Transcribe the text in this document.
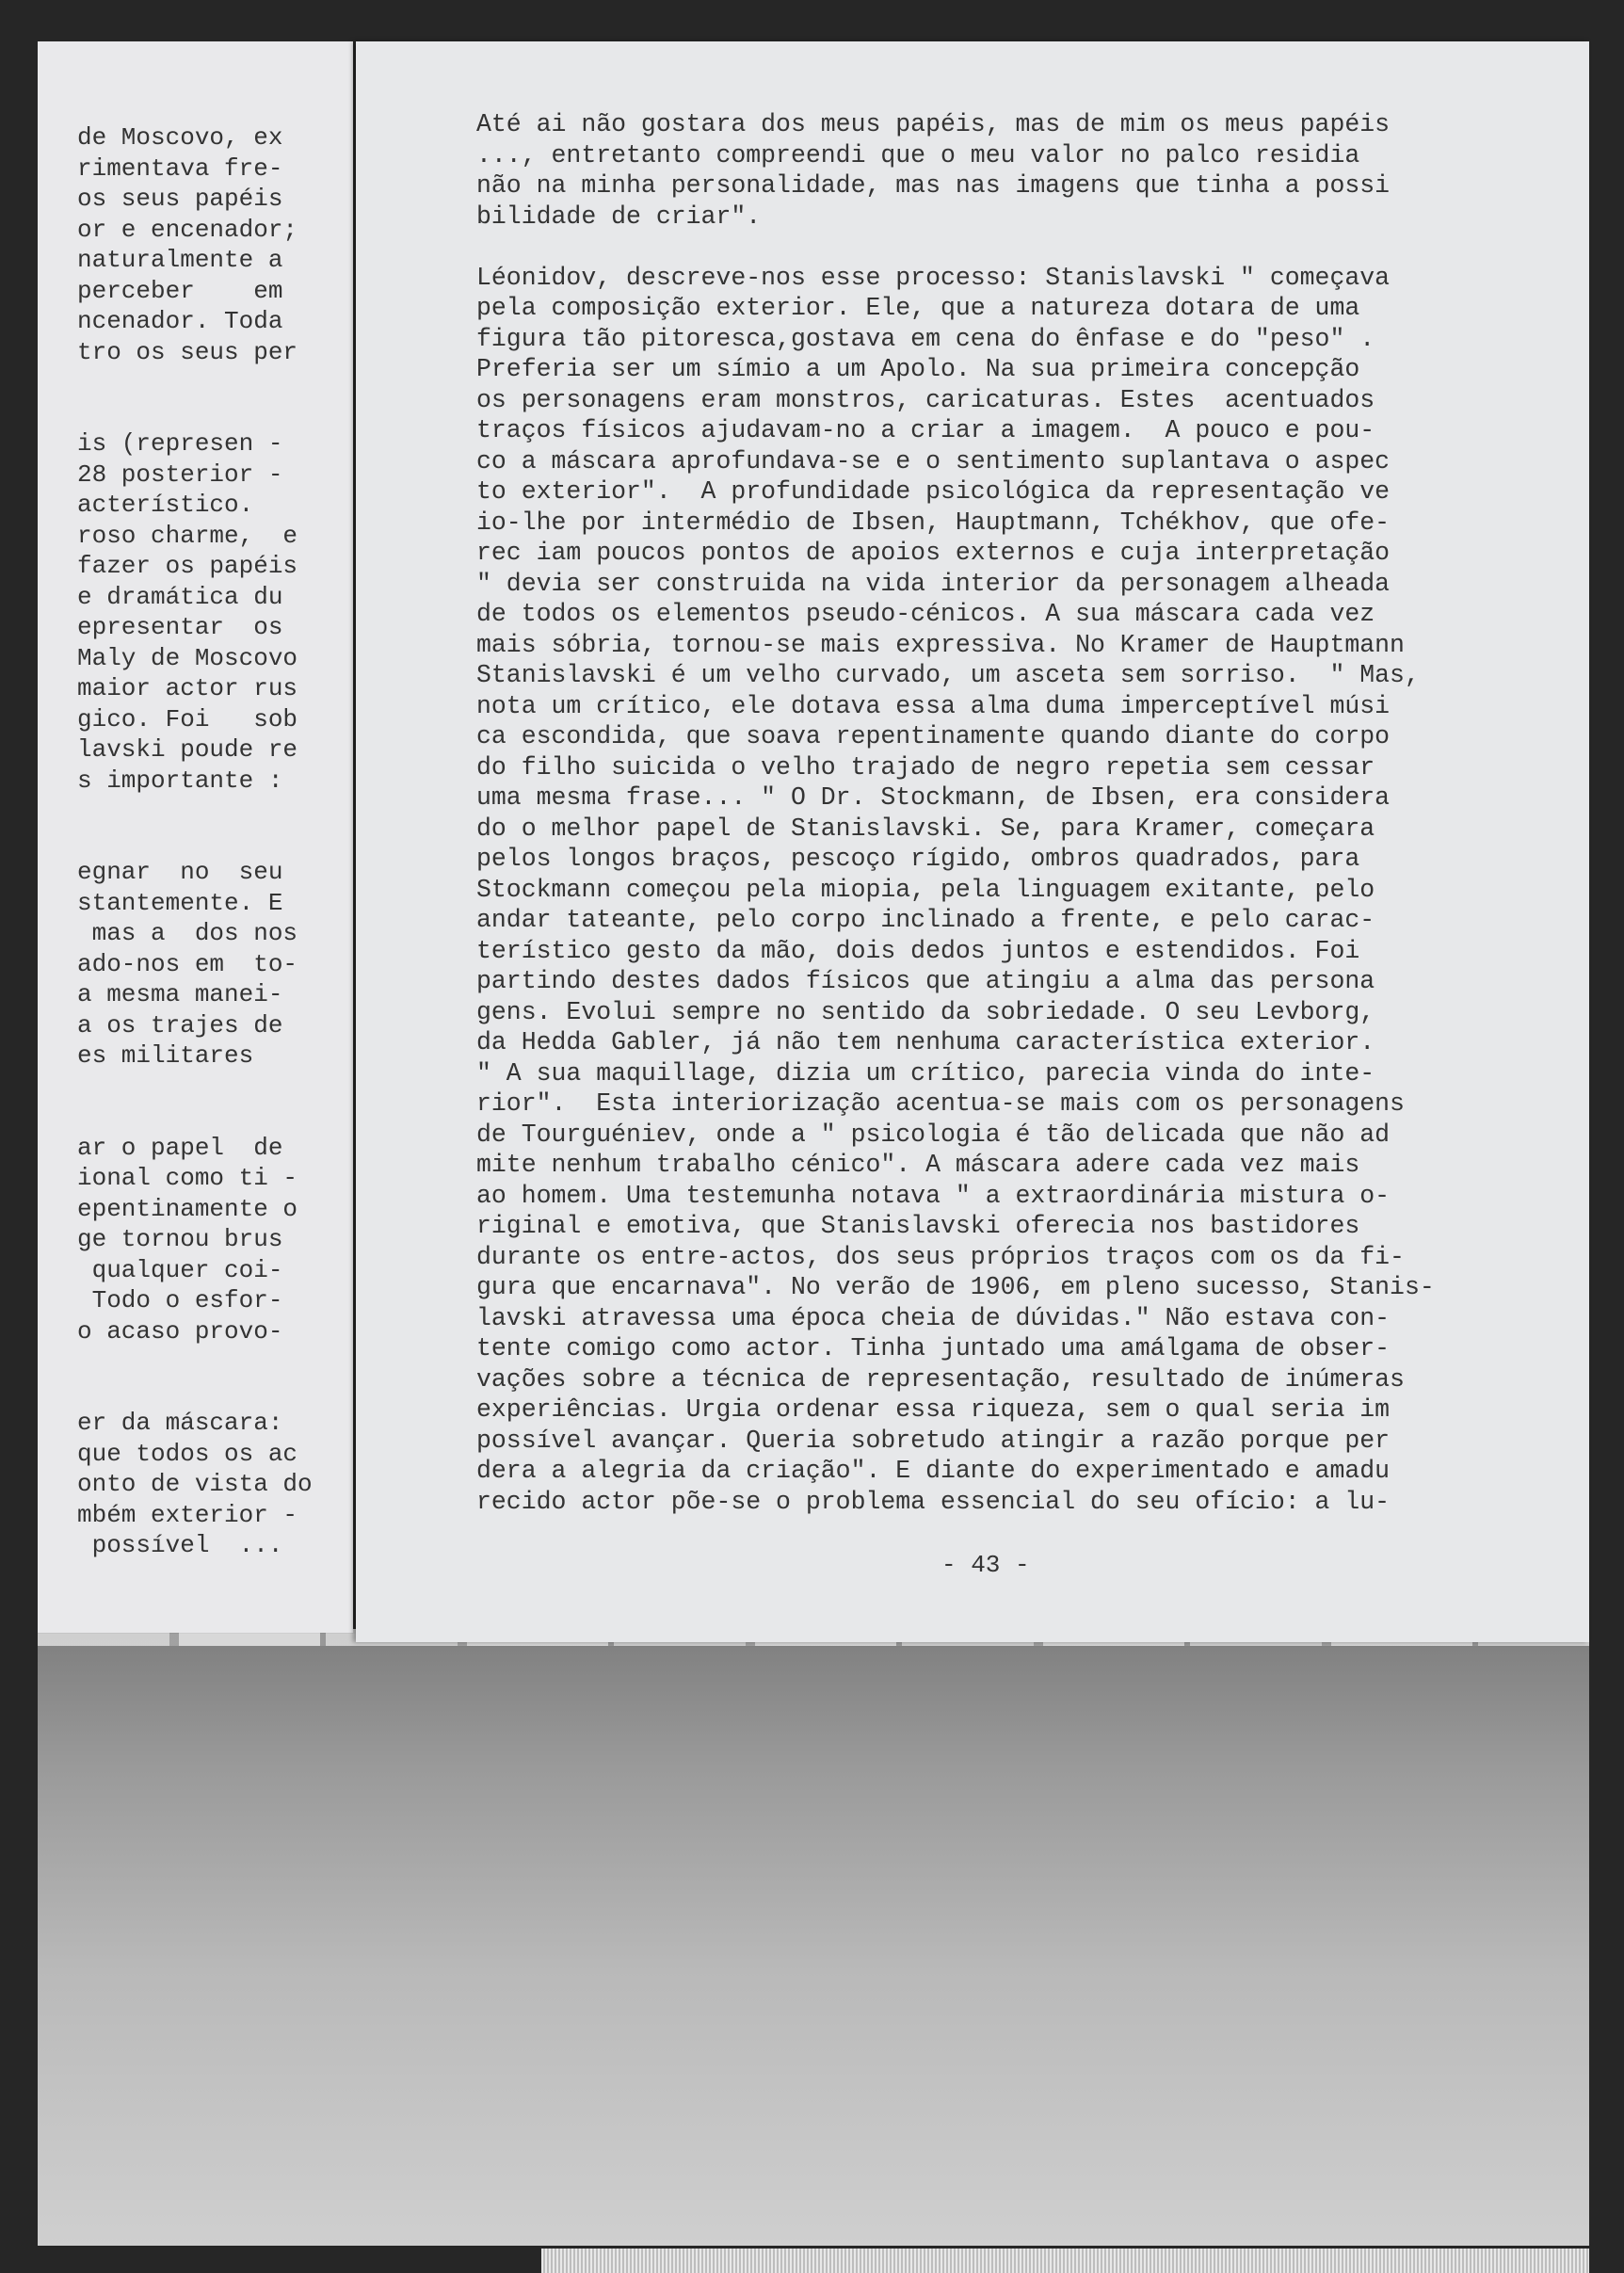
de Moscovo, ex
rimentava fre-
os seus papéis
or e encenador;
naturalmente a
perceber    em
ncenador. Toda
tro os seus per
is (represen -
28 posterior -
acterístico.
roso charme,  e
fazer os papéis
e dramática du
epresentar  os
Maly de Moscovo
maior actor rus
gico. Foi   sob
lavski poude re
s importante :
egnar  no  seu
stantemente. E
mas a  dos nos
ado-nos em  to-
a mesma manei-
a os trajes de
es militares
ar o papel  de
ional como ti -
epentinamente o
ge tornou brus
qualquer coi-
Todo o esfor-
o acaso provo-
er da máscara:
que todos os ac
onto de vista do
mbém exterior -
possível  ...
Até ai não gostara dos meus papéis, mas de mim os meus papéis
..., entretanto compreendi que o meu valor no palco residia
não na minha personalidade, mas nas imagens que tinha a possi
bilidade de criar".
Léonidov, descreve-nos esse processo: Stanislavski " começava
pela composição exterior. Ele, que a natureza dotara de uma
figura tão pitoresca,gostava em cena do ênfase e do "peso" .
Preferia ser um símio a um Apolo. Na sua primeira concepção
os personagens eram monstros, caricaturas. Estes  acentuados
traços físicos ajudavam-no a criar a imagem.  A pouco e pou-
co a máscara aprofundava-se e o sentimento suplantava o aspec
to exterior".  A profundidade psicológica da representação ve
io-lhe por intermédio de Ibsen, Hauptmann, Tchékhov, que ofe-
rec iam poucos pontos de apoios externos e cuja interpretação
" devia ser construida na vida interior da personagem alheada
de todos os elementos pseudo-cénicos. A sua máscara cada vez
mais sóbria, tornou-se mais expressiva. No Kramer de Hauptmann
Stanislavski é um velho curvado, um asceta sem sorriso.  " Mas,
nota um crítico, ele dotava essa alma duma imperceptível músi
ca escondida, que soava repentinamente quando diante do corpo
do filho suicida o velho trajado de negro repetia sem cessar
uma mesma frase... " O Dr. Stockmann, de Ibsen, era considera
do o melhor papel de Stanislavski. Se, para Kramer, começara
pelos longos braços, pescoço rígido, ombros quadrados, para
Stockmann começou pela miopia, pela linguagem exitante, pelo
andar tateante, pelo corpo inclinado a frente, e pelo carac-
terístico gesto da mão, dois dedos juntos e estendidos. Foi
partindo destes dados físicos que atingiu a alma das persona
gens. Evolui sempre no sentido da sobriedade. O seu Levborg,
da Hedda Gabler, já não tem nenhuma característica exterior.
" A sua maquillage, dizia um crítico, parecia vinda do inte-
rior".  Esta interiorização acentua-se mais com os personagens
de Tourguéniev, onde a " psicologia é tão delicada que não ad
mite nenhum trabalho cénico". A máscara adere cada vez mais
ao homem. Uma testemunha notava " a extraordinária mistura o-
riginal e emotiva, que Stanislavski oferecia nos bastidores
durante os entre-actos, dos seus próprios traços com os da fi-
gura que encarnava". No verão de 1906, em pleno sucesso, Stanis-
lavski atravessa uma época cheia de dúvidas." Não estava con-
tente comigo como actor. Tinha juntado uma amálgama de obser-
vações sobre a técnica de representação, resultado de inúmeras
experiências. Urgia ordenar essa riqueza, sem o qual seria im
possível avançar. Queria sobretudo atingir a razão porque per
dera a alegria da criação". E diante do experimentado e amadu
recido actor põe-se o problema essencial do seu ofício: a lu-
- 43 -
